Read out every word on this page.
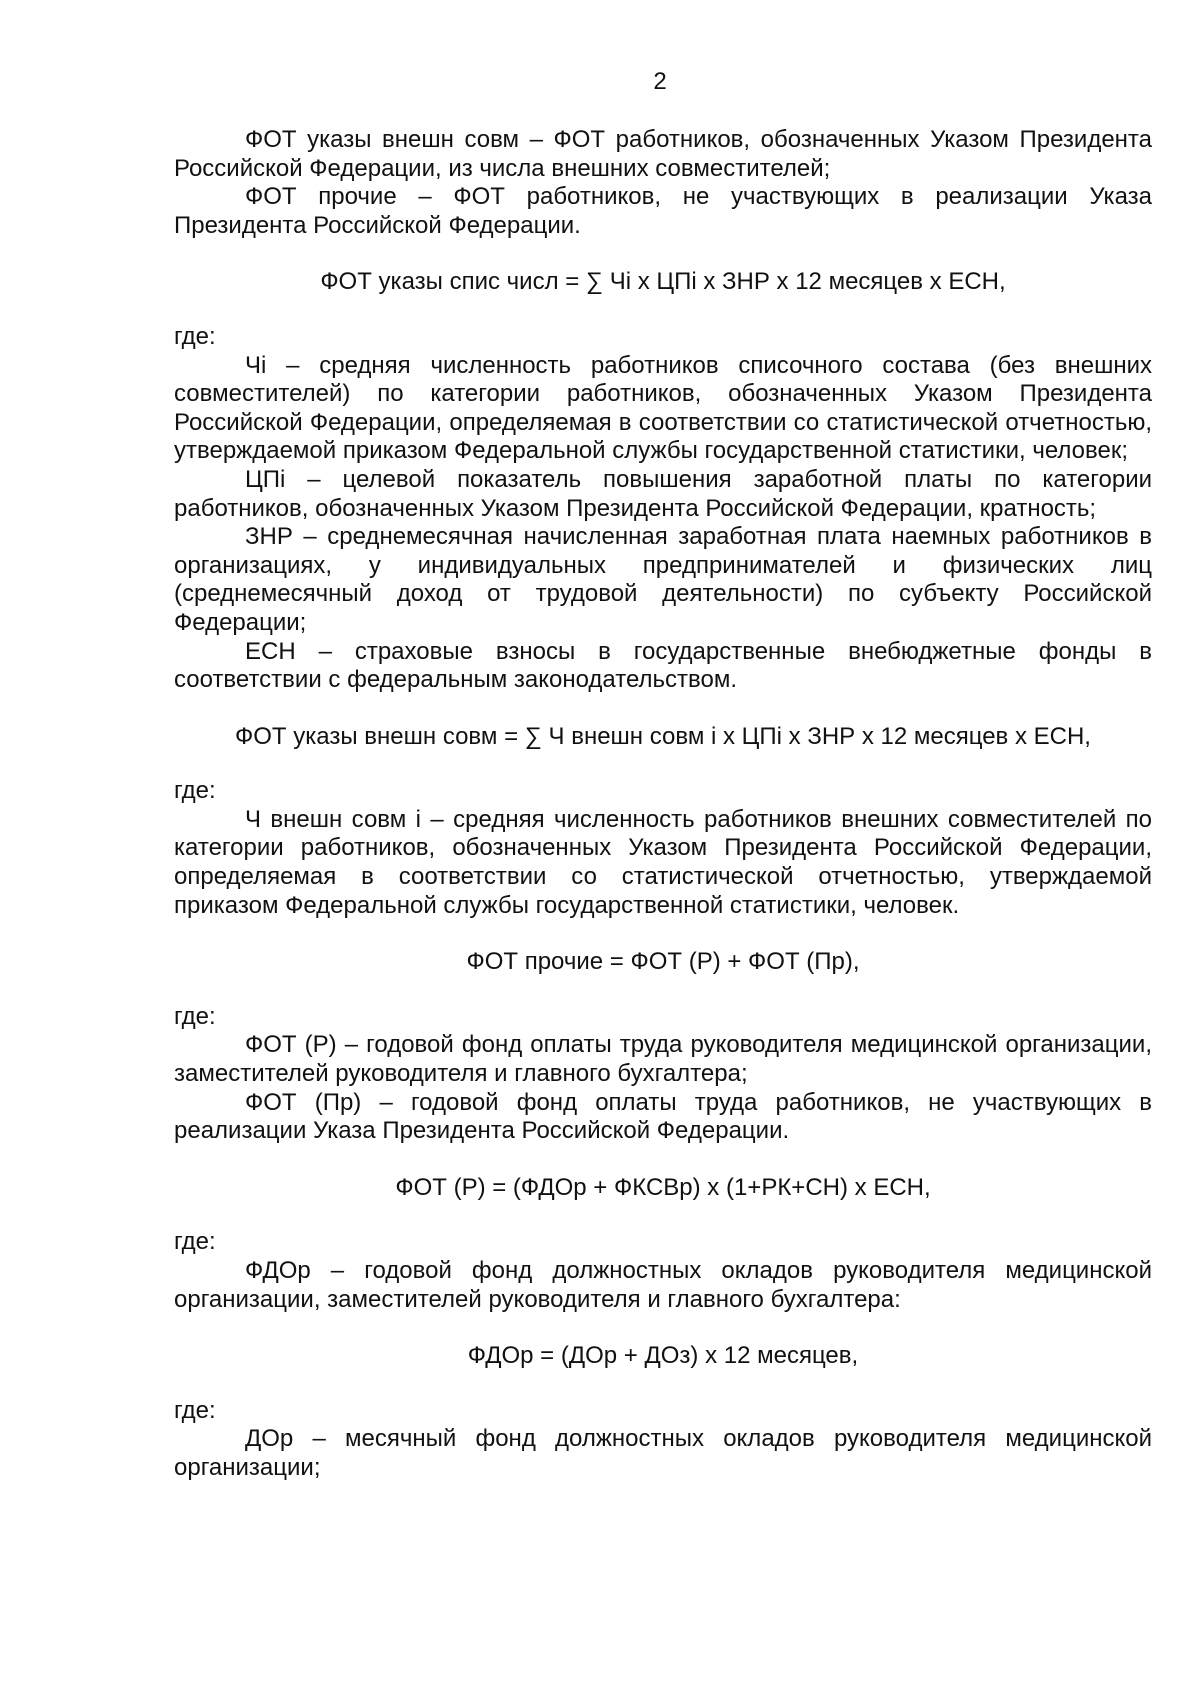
2

ФОТ указы внешн совм – ФОТ работников, обозначенных Указом Президента Российской Федерации, из числа внешних совместителей;

ФОТ прочие – ФОТ работников, не участвующих в реализации Указа Президента Российской Федерации.

ФОТ указы спис числ = ∑ Чi x ЦПi x ЗНР x 12 месяцев x ЕСН,

где:

Чi – средняя численность работников списочного состава (без внешних совместителей) по категории работников, обозначенных Указом Президента Российской Федерации, определяемая в соответствии со статистической отчетностью, утверждаемой приказом Федеральной службы государственной статистики, человек;

ЦПi – целевой показатель повышения заработной платы по категории работников, обозначенных Указом Президента Российской Федерации, кратность;

ЗНР – среднемесячная начисленная заработная плата наемных работников в организациях, у индивидуальных предпринимателей и физических лиц (среднемесячный доход от трудовой деятельности) по субъекту Российской Федерации;

ЕСН – страховые взносы в государственные внебюджетные фонды в соответствии с федеральным законодательством.

ФОТ указы внешн совм = ∑ Ч внешн совм i x ЦПi x ЗНР x 12 месяцев x ЕСН,

где:

Ч внешн совм i – средняя численность работников внешних совместителей по категории работников, обозначенных Указом Президента Российской Федерации, определяемая в соответствии со статистической отчетностью, утверждаемой приказом Федеральной службы государственной статистики, человек.

ФОТ прочие = ФОТ (Р) + ФОТ (Пр),

где:

ФОТ (Р) – годовой фонд оплаты труда руководителя медицинской организации, заместителей руководителя и главного бухгалтера;

ФОТ (Пр) – годовой фонд оплаты труда работников, не участвующих в реализации Указа Президента Российской Федерации.

ФОТ (Р) = (ФДОр + ФКСВр) x (1+РК+СН) x ЕСН,

где:

ФДОр – годовой фонд должностных окладов руководителя медицинской организации, заместителей руководителя и главного бухгалтера:

ФДОр = (ДОр + ДОз) x 12 месяцев,

где:

ДОр – месячный фонд должностных окладов руководителя медицинской организации;
